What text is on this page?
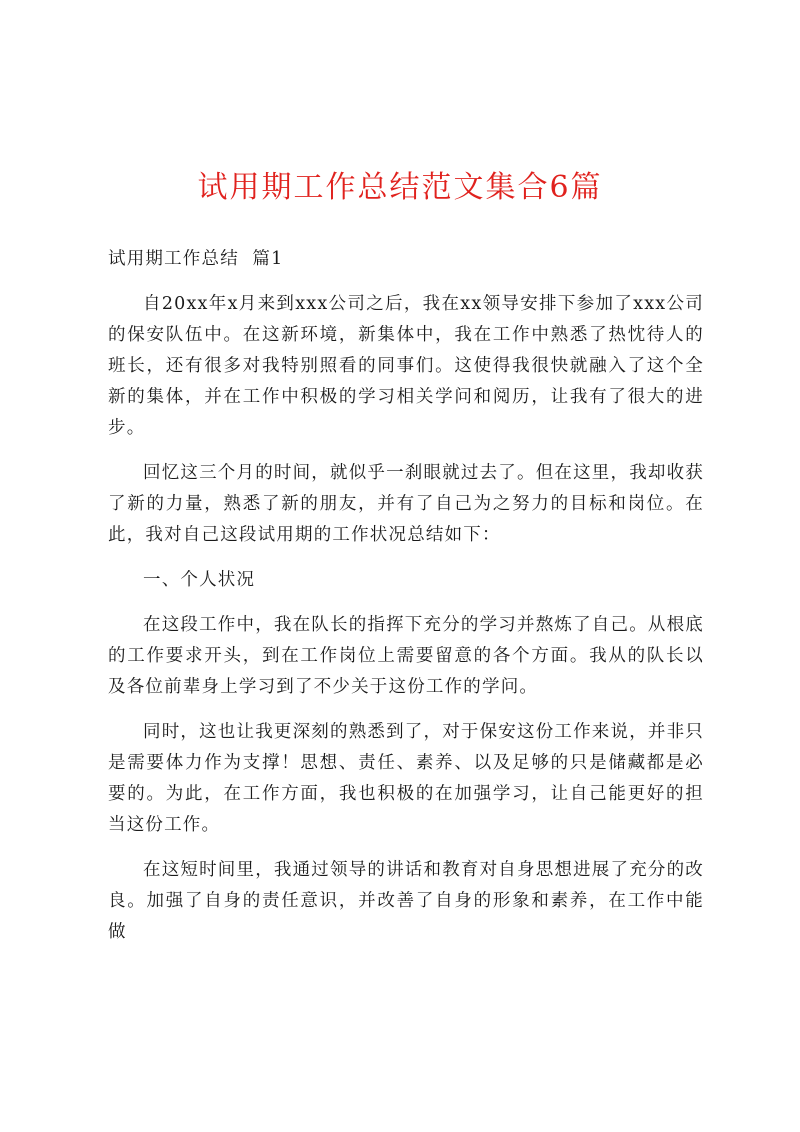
试用期工作总结范文集合6篇

试用期工作总结  篇1

自20xx年x月来到xxx公司之后，我在xx领导安排下参加了xxx公司的保安队伍中。在这新环境，新集体中，我在工作中熟悉了热忱待人的班长，还有很多对我特别照看的同事们。这使得我很快就融入了这个全新的集体，并在工作中积极的学习相关学问和阅历，让我有了很大的进步。

回忆这三个月的时间，就似乎一刹眼就过去了。但在这里，我却收获了新的力量，熟悉了新的朋友，并有了自己为之努力的目标和岗位。在此，我对自己这段试用期的工作状况总结如下：

一、个人状况

在这段工作中，我在队长的指挥下充分的学习并熬炼了自己。从根底的工作要求开头，到在工作岗位上需要留意的各个方面。我从的队长以及各位前辈身上学习到了不少关于这份工作的学问。

同时，这也让我更深刻的熟悉到了，对于保安这份工作来说，并非只是需要体力作为支撑！思想、责任、素养、以及足够的只是储藏都是必要的。为此，在工作方面，我也积极的在加强学习，让自己能更好的担当这份工作。

在这短时间里，我通过领导的讲话和教育对自身思想进展了充分的改良。加强了自身的责任意识，并改善了自身的形象和素养，在工作中能做
